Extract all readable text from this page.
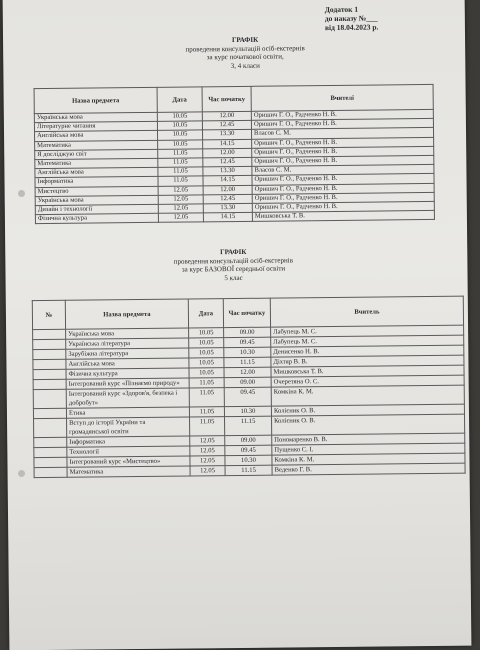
Додаток 1
до наказу №___
від 18.04.2023 р.
ГРАФІК
проведення консультацій осіб-екстернів
за курс початкової освіти,
3, 4 класи
Назва предмета	Дата	Час початку	Вчителі
Українська мова	10.05	12.00	Оришич Г. О., Радченко Н. В.
Літературне читання	10.05	12.45	Оришич Г. О., Радченко Н. В.
Англійська мова	10.05	13.30	Власов С. М.
Математика	10.05	14.15	Оришич Г. О., Радченко Н. В.
Я досліджую світ	11.05	12.00	Оришич Г. О., Радченко Н. В.
Математика	11.05	12.45	Оришич Г. О., Радченко Н. В.
Англійська мова	11.05	13.30	Власов С. М.
Інформатика	11.05	14.15	Оришич Г. О., Радченко Н. В.
Мистецтво	12.05	12.00	Оришич Г. О., Радченко Н. В.
Українська мова	12.05	12.45	Оришич Г. О., Радченко Н. В.
Дизайн і технології	12.05	13.30	Оришич Г. О., Радченко Н. В.
Фізична культура	12.05	14.15	Мишковська Т. В.
ГРАФІК
проведення консультацій осіб-екстернів
за курс БАЗОВОЇ середньої освіти
5 клас
№	Назва предмета	Дата	Час початку	Вчитель
	Українська мова	10.05	09.00	Лабупець М. С.
	Українська література	10.05	09.45	Лабупець М. С.
	Зарубіжна література	10.05	10.30	Денисенко Н. В.
	Англійська мова	10.05	11.15	Діхтяр В. В.
	Фізична культура	10.05	12.00	Мишковська Т. В.
	Інтегрований курс «Пізнаємо природу»	11.05	09.00	Очеретяна О. С.
	Інтегрований курс «Здоров'я, безпека і добробут»	11.05	09.45	Комкіна К. М.
	Етика	11.05	10.30	Колієник О. В.
	Вступ до історії України та громадянської освіти	11.05	11.15	Колієник О. В.
	Інформатика	12.05	09.00	Пономаренко В. В.
	Технології	12.05	09.45	Пущенко С. І.
	Інтегрований курс «Мистецтво»	12.05	10.30	Комкіна К. М.
	Математика	12.05	11.15	Веденко Г. В.
